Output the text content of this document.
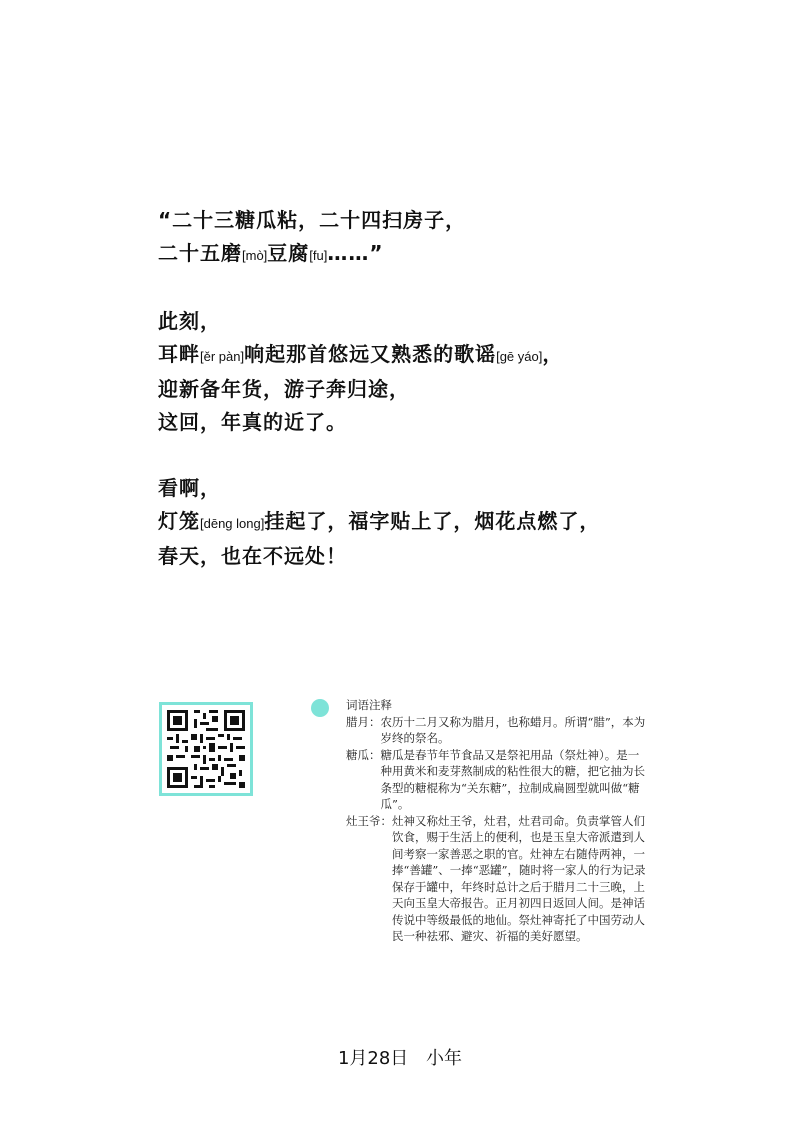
“二十三糖瓜粘，二十四扫房子，
二十五磨[mò]豆腐[fu]……”
此刻，
耳畔[ěr pàn]响起那首悠远又熟悉的歌谣[gē yáo]，
迎新备年货，游子奔归途，
这回，年真的近了。
看啊，
灯笼[dēng long]挂起了，福字贴上了，烟花点燃了，
春天，也在不远处！
词语注释
腊月： 农历十二月又称为腊月，也称蜡月。所谓“腊”，本为岁终的祭名。
糖瓜： 糖瓜是春节年节食品又是祭祀用品（祭灶神）。是一种用黄米和麦芽熬制成的粘性很大的糖，把它抽为长条型的糖棍称为“关东糖”，拉制成扁圆型就叫做“糖瓜”。
灶王爷： 灶神又称灶王爷，灶君，灶君司命。负责掌管人们饮食，赐于生活上的便利，也是玉皇大帝派遣到人间考察一家善恶之职的官。灶神左右随侍两神，一捧“善罐”、一捧“恶罐”，随时将一家人的行为记录保存于罐中，年终时总计之后于腊月二十三晚，上天向玉皇大帝报告。正月初四日返回人间。是神话传说中等级最低的地仙。祭灶神寄托了中国劳动人民一种祛邪、避灾、祈福的美好愿望。
1月28日 小年
